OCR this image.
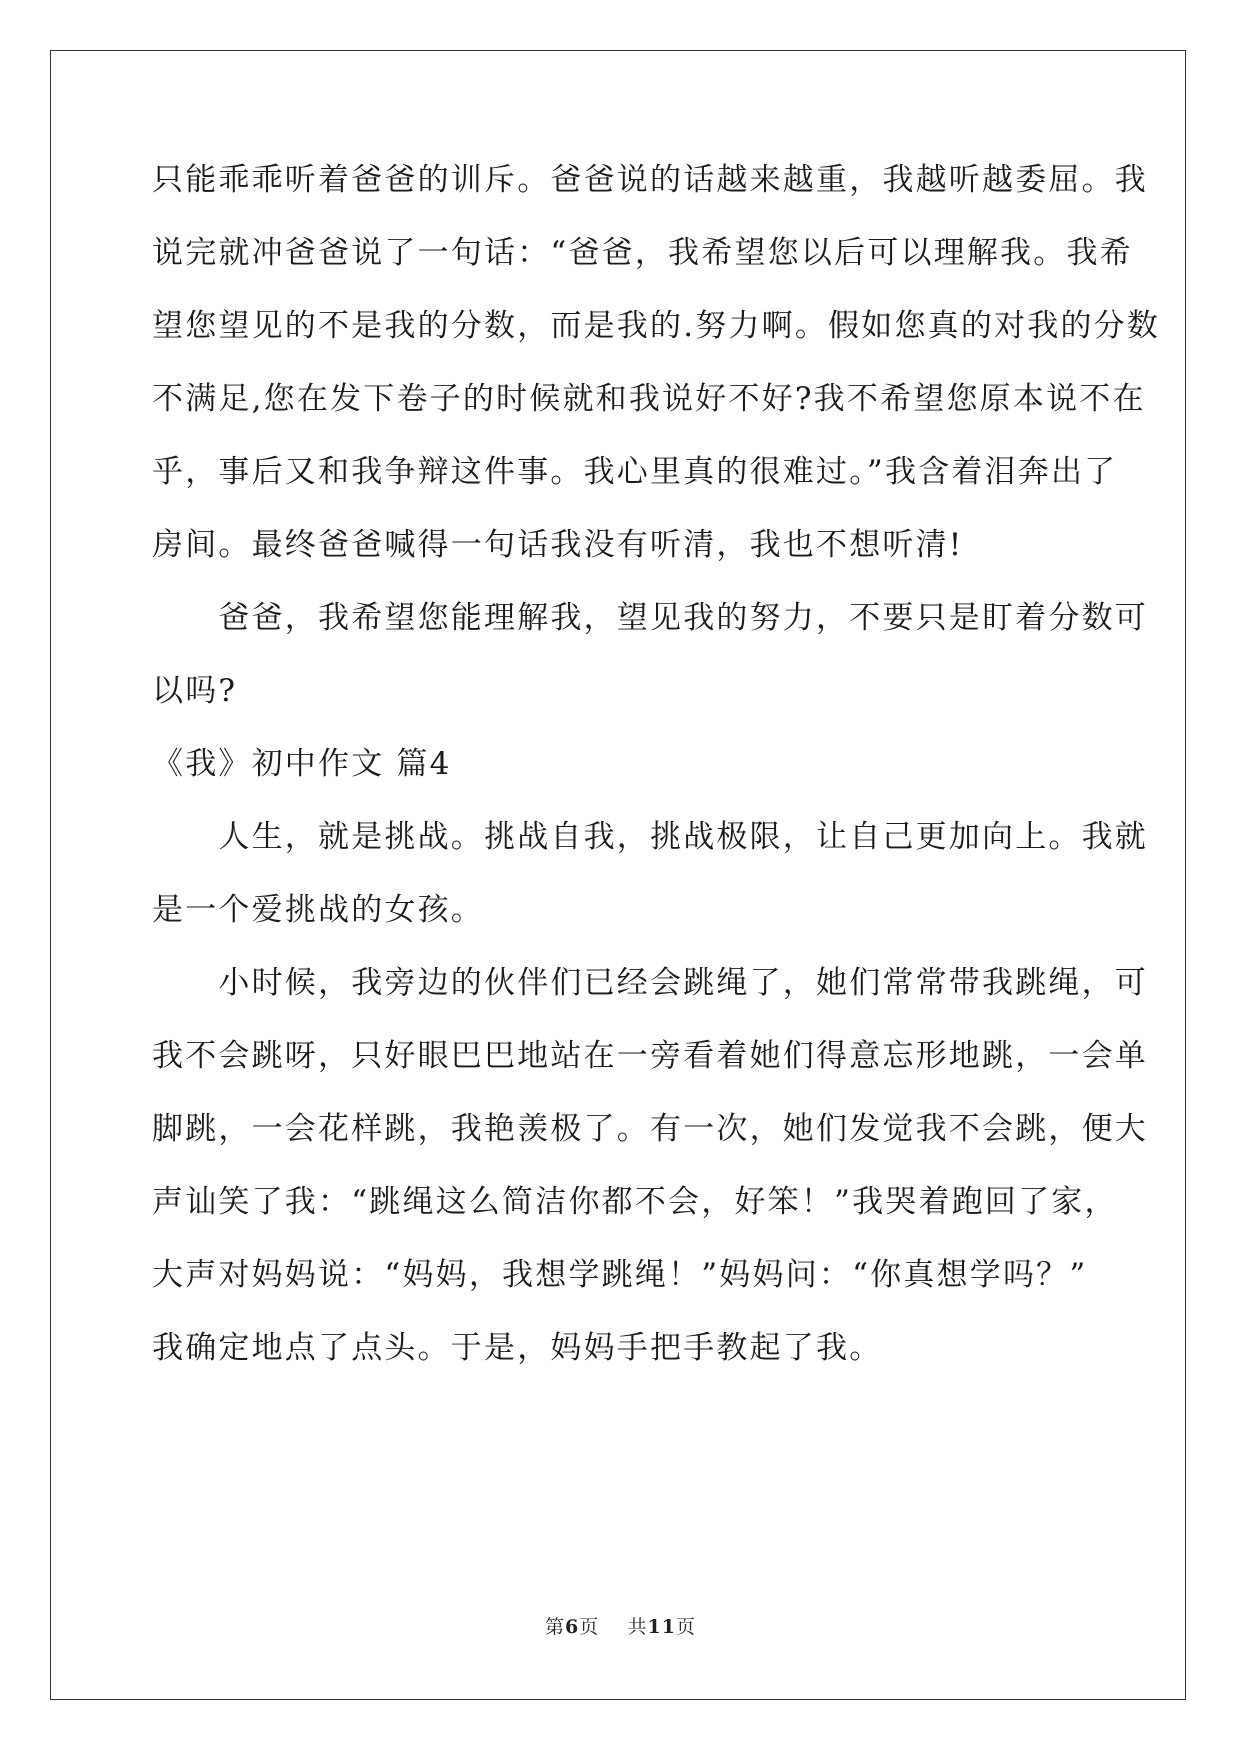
只能乖乖听着爸爸的训斥。爸爸说的话越来越重，我越听越委屈。我
说完就冲爸爸说了一句话：“爸爸，我希望您以后可以理解我。我希
望您望见的不是我的分数，而是我的.努力啊。假如您真的对我的分数
不满足,您在发下卷子的时候就和我说好不好?我不希望您原本说不在
乎，事后又和我争辩这件事。我心里真的很难过。”我含着泪奔出了
房间。最终爸爸喊得一句话我没有听清，我也不想听清!
　　爸爸，我希望您能理解我，望见我的努力，不要只是盯着分数可
以吗?
《我》初中作文 篇4
　　人生，就是挑战。挑战自我，挑战极限，让自己更加向上。我就
是一个爱挑战的女孩。
　　小时候，我旁边的伙伴们已经会跳绳了，她们常常带我跳绳，可
我不会跳呀，只好眼巴巴地站在一旁看着她们得意忘形地跳，一会单
脚跳，一会花样跳，我艳羡极了。有一次，她们发觉我不会跳，便大
声讪笑了我：“跳绳这么简洁你都不会，好笨！”我哭着跑回了家，
大声对妈妈说：“妈妈，我想学跳绳！”妈妈问：“你真想学吗？”
我确定地点了点头。于是，妈妈手把手教起了我。
第6页 共11页
